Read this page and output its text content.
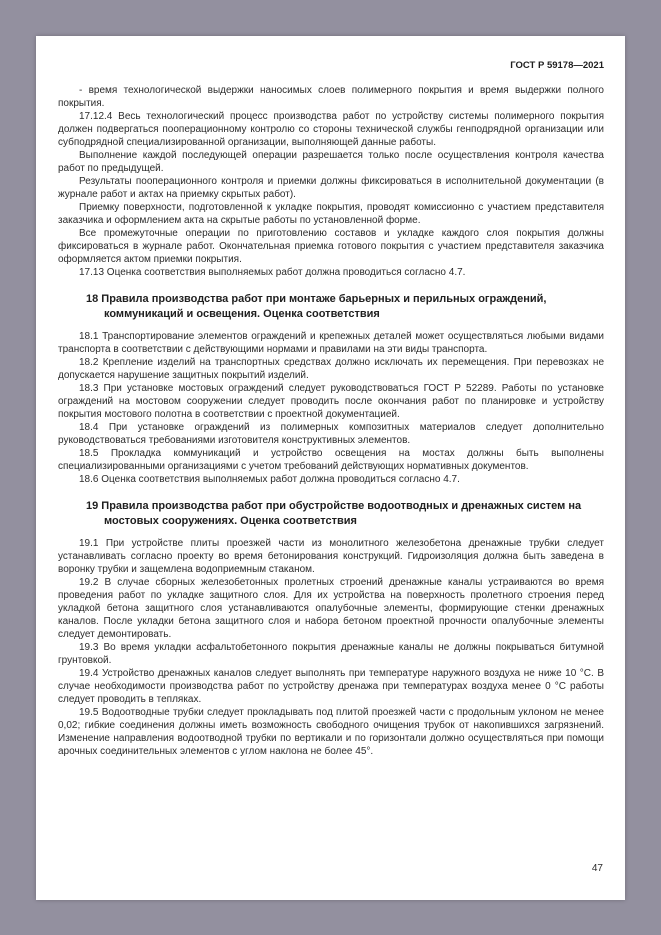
ГОСТ Р 59178—2021

- время технологической выдержки наносимых слоев полимерного покрытия и время выдержки полного покрытия.

17.12.4 Весь технологический процесс производства работ по устройству системы полимерного покрытия должен подвергаться пооперационному контролю со стороны технической службы генподрядной организации или субподрядной специализированной организации, выполняющей данные работы.

Выполнение каждой последующей операции разрешается только после осуществления контроля качества работ по предыдущей.

Результаты пооперационного контроля и приемки должны фиксироваться в исполнительной документации (в журнале работ и актах на приемку скрытых работ).

Приемку поверхности, подготовленной к укладке покрытия, проводят комиссионно с участием представителя заказчика и оформлением акта на скрытые работы по установленной форме.

Все промежуточные операции по приготовлению составов и укладке каждого слоя покрытия должны фиксироваться в журнале работ. Окончательная приемка готового покрытия с участием представителя заказчика оформляется актом приемки покрытия.

17.13 Оценка соответствия выполняемых работ должна проводиться согласно 4.7.

18 Правила производства работ при монтаже барьерных и перильных ограждений, коммуникаций и освещения. Оценка соответствия

18.1 Транспортирование элементов ограждений и крепежных деталей может осуществляться любыми видами транспорта в соответствии с действующими нормами и правилами на эти виды транспорта.

18.2 Крепление изделий на транспортных средствах должно исключать их перемещения. При перевозках не допускается нарушение защитных покрытий изделий.

18.3 При установке мостовых ограждений следует руководствоваться ГОСТ Р 52289. Работы по установке ограждений на мостовом сооружении следует проводить после окончания работ по планировке и устройству покрытия мостового полотна в соответствии с проектной документацией.

18.4 При установке ограждений из полимерных композитных материалов следует дополнительно руководствоваться требованиями изготовителя конструктивных элементов.

18.5 Прокладка коммуникаций и устройство освещения на мостах должны быть выполнены специализированными организациями с учетом требований действующих нормативных документов.

18.6 Оценка соответствия выполняемых работ должна проводиться согласно 4.7.

19 Правила производства работ при обустройстве водоотводных и дренажных систем на мостовых сооружениях. Оценка соответствия

19.1 При устройстве плиты проезжей части из монолитного железобетона дренажные трубки следует устанавливать согласно проекту во время бетонирования конструкций. Гидроизоляция должна быть заведена в воронку трубки и защемлена водоприемным стаканом.

19.2 В случае сборных железобетонных пролетных строений дренажные каналы устраиваются во время проведения работ по укладке защитного слоя. Для их устройства на поверхность пролетного строения перед укладкой бетона защитного слоя устанавливаются опалубочные элементы, формирующие стенки дренажных каналов. После укладки бетона защитного слоя и набора бетоном проектной прочности опалубочные элементы следует демонтировать.

19.3 Во время укладки асфальтобетонного покрытия дренажные каналы не должны покрываться битумной грунтовкой.

19.4 Устройство дренажных каналов следует выполнять при температуре наружного воздуха не ниже 10 °C. В случае необходимости производства работ по устройству дренажа при температурах воздуха менее 0 °C работы следует проводить в тепляках.

19.5 Водоотводные трубки следует прокладывать под плитой проезжей части с продольным уклоном не менее 0,02; гибкие соединения должны иметь возможность свободного очищения трубок от накопившихся загрязнений. Изменение направления водоотводной трубки по вертикали и по горизонтали должно осуществляться при помощи арочных соединительных элементов с углом наклона не более 45°.

47
